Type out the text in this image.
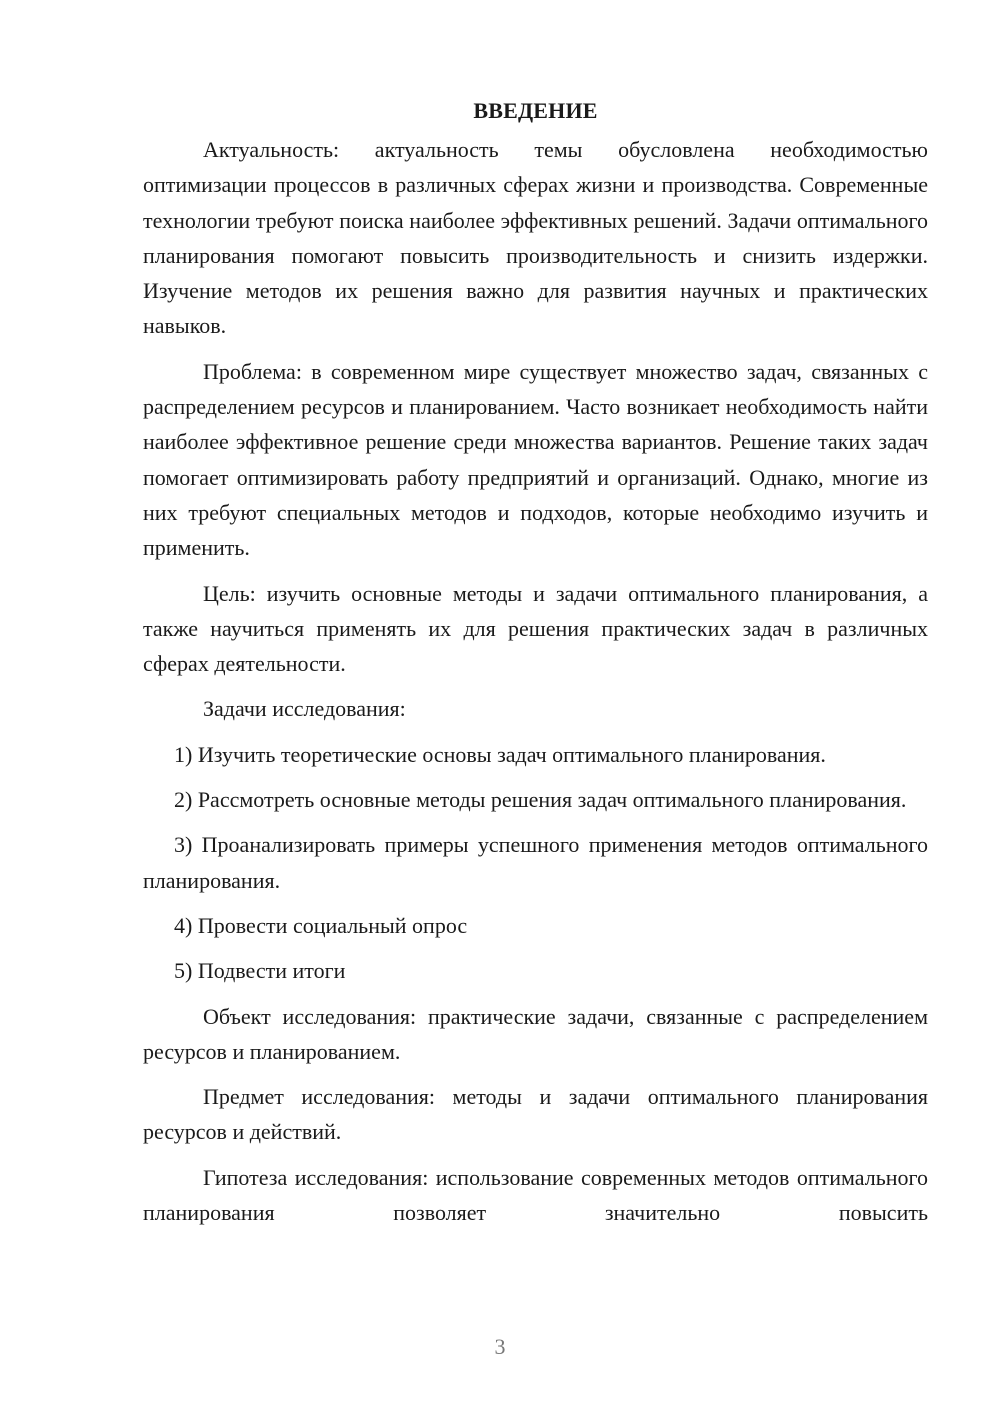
ВВЕДЕНИЕ

Актуальность: актуальность темы обусловлена необходимостью оптимизации процессов в различных сферах жизни и производства. Современные технологии требуют поиска наиболее эффективных решений. Задачи оптимального планирования помогают повысить производительность и снизить издержки. Изучение методов их решения важно для развития научных и практических навыков.

Проблема: в современном мире существует множество задач, связанных с распределением ресурсов и планированием. Часто возникает необходимость найти наиболее эффективное решение среди множества вариантов. Решение таких задач помогает оптимизировать работу предприятий и организаций. Однако, многие из них требуют специальных методов и подходов, которые необходимо изучить и применить.

Цель: изучить основные методы и задачи оптимального планирования, а также научиться применять их для решения практических задач в различных сферах деятельности.

Задачи исследования:

1) Изучить теоретические основы задач оптимального планирования.

2) Рассмотреть основные методы решения задач оптимального планирования.

3) Проанализировать примеры успешного применения методов оптимального планирования.

4) Провести социальный опрос

5) Подвести итоги

Объект исследования: практические задачи, связанные с распределением ресурсов и планированием.

Предмет исследования: методы и задачи оптимального планирования ресурсов и действий.

Гипотеза исследования: использование современных методов оптимального планирования позволяет значительно повысить

3
